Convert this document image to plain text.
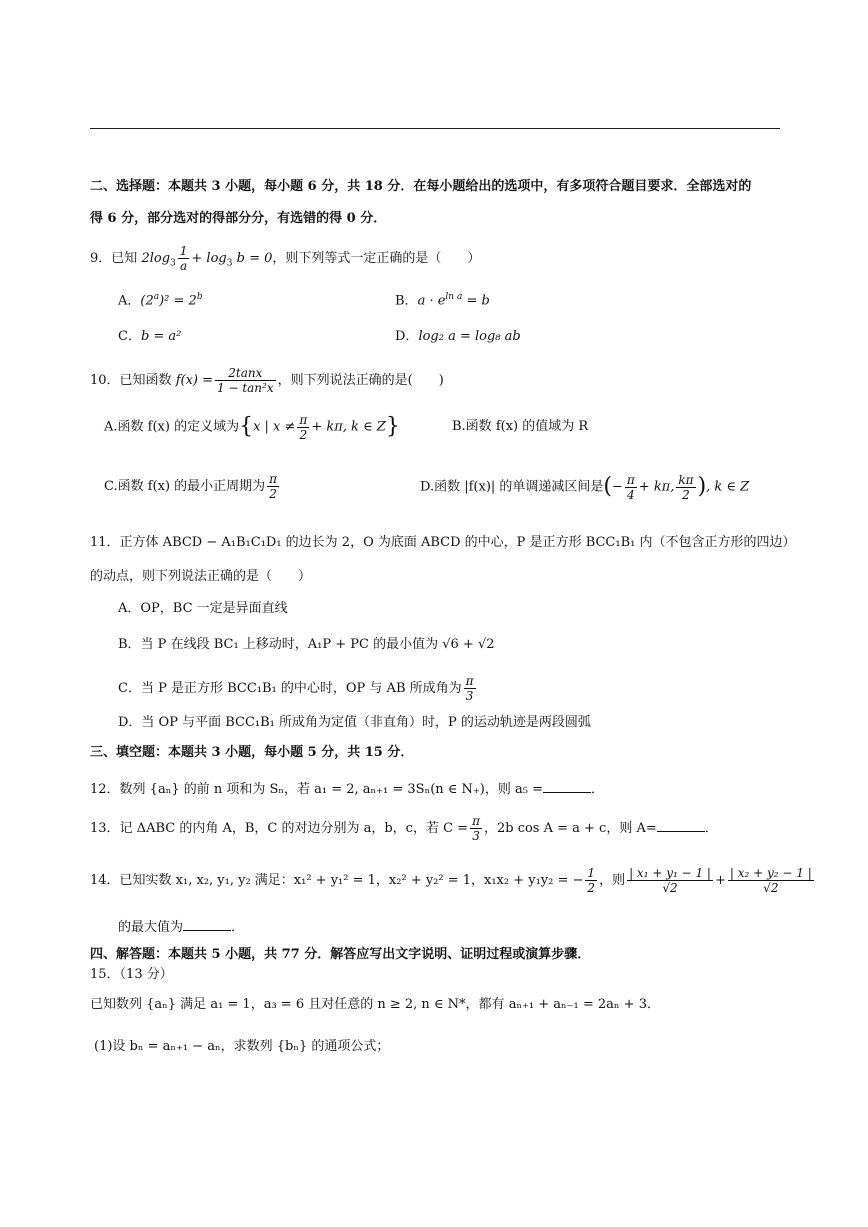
二、选择题：本题共 3 小题，每小题 6 分，共 18 分．在每小题给出的选项中，有多项符合题目要求．全部选对的
得 6 分，部分选对的得部分分，有选错的得 0 分．
9．已知 $2\log_3 \frac{1}{a} + \log_3 b = 0$，则下列等式一定正确的是（　　）
A．$(2^a)^2 = 2^b$	B．$a \cdot e^{ln a} = b$
C．b = a²	D．log₂ a = log₈ ab
10．已知函数 $f(x) = \frac{2\tan x}{\text{1 − tan²x}}$ ，则下列说法正确的是(　　)
A.函数 f(x) 的定义域为{x | $x \ne \frac{\pi}{2} + k\pi$, k ∈ Z}	B.函数 f(x) 的值域为 R
C.函数 f(x) 的最小正周期为 $\frac{\pi}{2}$	D.函数 |f(x)| 的单调递减区间是(− $\frac{\pi}{4} + k\pi$, $\frac{k\pi}{2}$ ), k ∈ Z
11．正方体 ABCD − A₁B₁C₁D₁ 的边长为 2，O 为底面 ABCD 的中心，P 是正方形 BCC₁B₁ 内（不包含正方形的四边）
的动点，则下列说法正确的是（　　）
A．OP，BC 一定是异面直线
B．当 P 在线段 BC₁ 上移动时，A₁P + PC 的最小值为 √6 + √2
C．当 P 是正方形 BCC₁B₁ 的中心时，OP 与 AB 所成角为 $\frac{\pi}{3}$
D．当 OP 与平面 BCC₁B₁ 所成角为定值（非直角）时，P 的运动轨迹是两段圆弧
三、填空题：本题共 3 小题，每小题 5 分，共 15 分．
12．数列 {aₙ} 的前 n 项和为 Sₙ，若 a₁ = 2, aₙ₊₁ = 3Sₙ(n ∈ N₊)，则 a₅ =	．
13．记 ΔABC 的内角 A，B，C 的对边分别为 a，b，c，若 $C = \frac{\pi}{3}$ ，2b cos A = a + c，则 A=	．
14．已知实数 x₁, x₂, y₁, y₂ 满足：x₁² + y₁² = 1，x₂² + y₂² = 1，x₁x₂ + y₁y₂ = − $\frac{1}{2}$ ，则 $\frac{\text{| x₁ + y₁ − 1 |}}{√2} + \frac{\text{| x₂ + y₂ − 1 |}}{√2}$
的最大值为	．
四、解答题：本题共 5 小题，共 77 分．解答应写出文字说明、证明过程或演算步骤．
15．（13 分）
已知数列 {aₙ} 满足 a₁ = 1，a₃ = 6 且对任意的 n ≥ 2, n ∈ N*，都有 aₙ₊₁ + aₙ₋₁ = 2aₙ + 3．
(1)设 bₙ = aₙ₊₁ − aₙ，求数列 {bₙ} 的通项公式；
